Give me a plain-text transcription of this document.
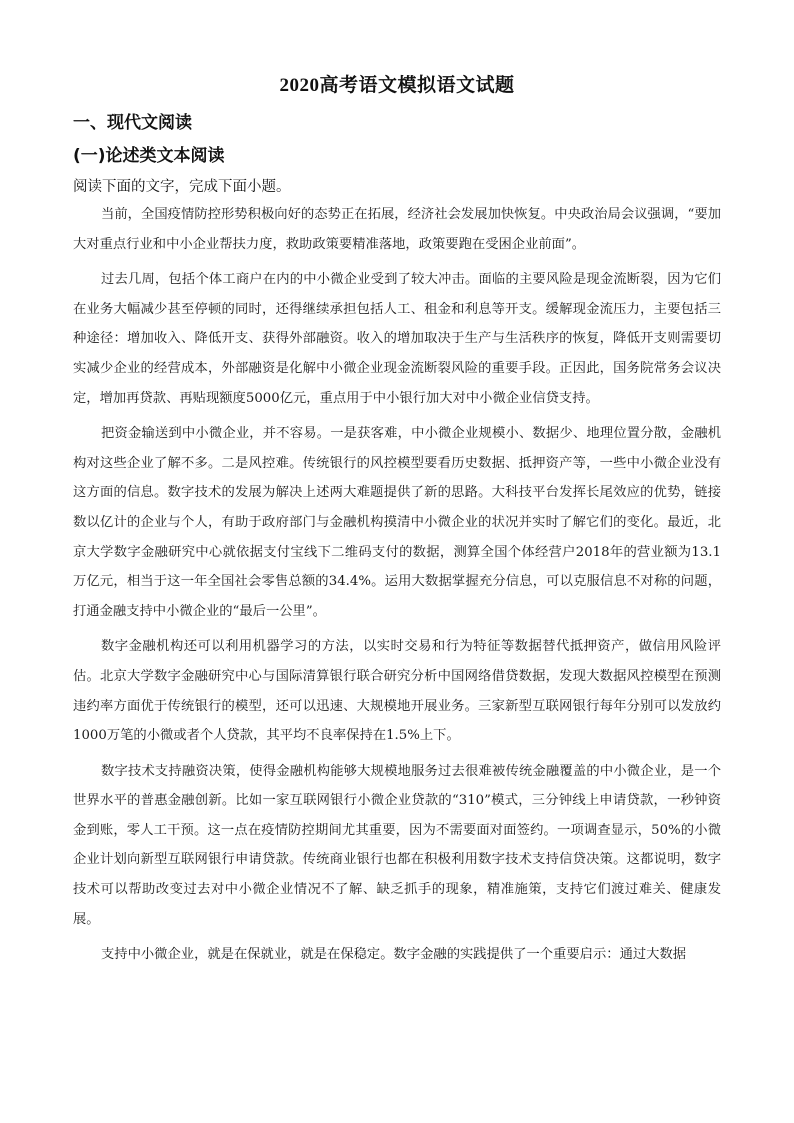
2020高考语文模拟语文试题
一、现代文阅读
(一)论述类文本阅读

阅读下面的文字，完成下面小题。

当前，全国疫情防控形势积极向好的态势正在拓展，经济社会发展加快恢复。中央政治局会议强调，“要加大对重点行业和中小企业帮扶力度，救助政策要精准落地，政策要跑在受困企业前面”。

过去几周，包括个体工商户在内的中小微企业受到了较大冲击。面临的主要风险是现金流断裂，因为它们在业务大幅减少甚至停顿的同时，还得继续承担包括人工、租金和利息等开支。缓解现金流压力，主要包括三种途径：增加收入、降低开支、获得外部融资。收入的增加取决于生产与生活秩序的恢复，降低开支则需要切实减少企业的经营成本，外部融资是化解中小微企业现金流断裂风险的重要手段。正因此，国务院常务会议决定，增加再贷款、再贴现额度5000亿元，重点用于中小银行加大对中小微企业信贷支持。

把资金输送到中小微企业，并不容易。一是获客难，中小微企业规模小、数据少、地理位置分散，金融机构对这些企业了解不多。二是风控难。传统银行的风控模型要看历史数据、抵押资产等，一些中小微企业没有这方面的信息。数字技术的发展为解决上述两大难题提供了新的思路。大科技平台发挥长尾效应的优势，链接数以亿计的企业与个人，有助于政府部门与金融机构摸清中小微企业的状况并实时了解它们的变化。最近，北京大学数字金融研究中心就依据支付宝线下二维码支付的数据，测算全国个体经营户2018年的营业额为13.1万亿元，相当于这一年全国社会零售总额的34.4%。运用大数据掌握充分信息，可以克服信息不对称的问题，打通金融支持中小微企业的“最后一公里”。

数字金融机构还可以利用机器学习的方法，以实时交易和行为特征等数据替代抵押资产，做信用风险评估。北京大学数字金融研究中心与国际清算银行联合研究分析中国网络借贷数据，发现大数据风控模型在预测违约率方面优于传统银行的模型，还可以迅速、大规模地开展业务。三家新型互联网银行每年分别可以发放约1000万笔的小微或者个人贷款，其平均不良率保持在1.5%上下。

数字技术支持融资决策，使得金融机构能够大规模地服务过去很难被传统金融覆盖的中小微企业，是一个世界水平的普惠金融创新。比如一家互联网银行小微企业贷款的“310”模式，三分钟线上申请贷款，一秒钟资金到账，零人工干预。这一点在疫情防控期间尤其重要，因为不需要面对面签约。一项调查显示，50%的小微企业计划向新型互联网银行申请贷款。传统商业银行也都在积极利用数字技术支持信贷决策。这都说明，数字技术可以帮助改变过去对中小微企业情况不了解、缺乏抓手的现象，精准施策，支持它们渡过难关、健康发展。

支持中小微企业，就是在保就业，就是在保稳定。数字金融的实践提供了一个重要启示：通过大数据
